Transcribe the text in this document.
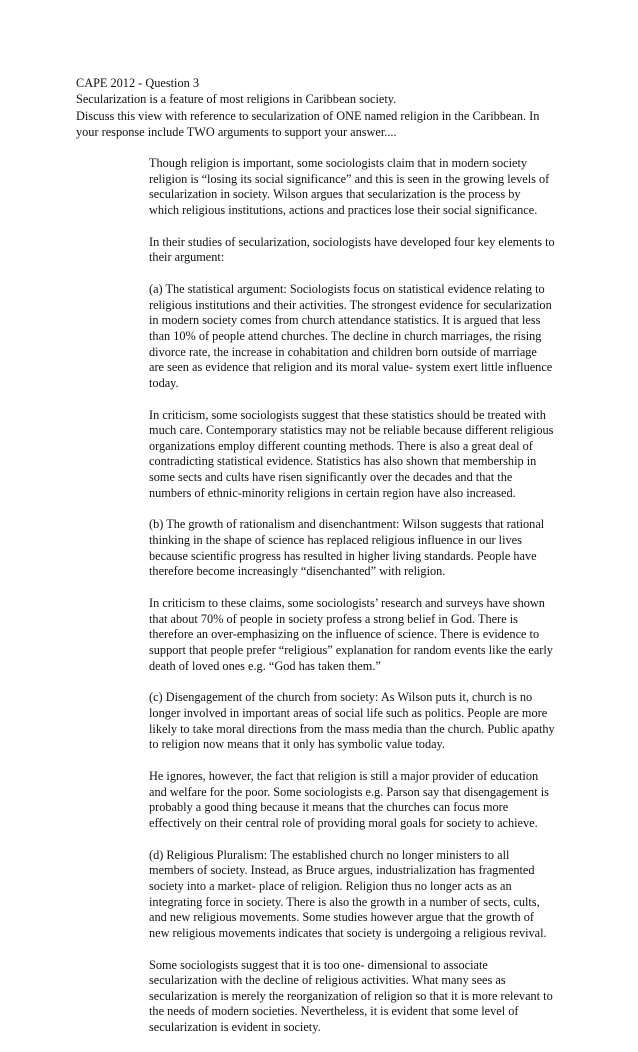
CAPE 2012 - Question 3
Secularization is a feature of most religions in Caribbean society.
Discuss this view with reference to secularization of ONE named religion in the Caribbean. In
your response include TWO arguments to support your answer....
Though religion is important, some sociologists claim that in modern society
religion is “losing its social significance” and this is seen in the growing levels of
secularization in society. Wilson argues that secularization is the process by
which religious institutions, actions and practices lose their social significance.
In their studies of secularization, sociologists have developed four key elements to
their argument:
(a) The statistical argument: Sociologists focus on statistical evidence relating to
religious institutions and their activities. The strongest evidence for secularization
in modern society comes from church attendance statistics. It is argued that less
than 10% of people attend churches. The decline in church marriages, the rising
divorce rate, the increase in cohabitation and children born outside of marriage
are seen as evidence that religion and its moral value- system exert little influence
today.
In criticism, some sociologists suggest that these statistics should be treated with
much care. Contemporary statistics may not be reliable because different religious
organizations employ different counting methods. There is also a great deal of
contradicting statistical evidence. Statistics has also shown that membership in
some sects and cults have risen significantly over the decades and that the
numbers of ethnic-minority religions in certain region have also increased.
(b) The growth of rationalism and disenchantment: Wilson suggests that rational
thinking in the shape of science has replaced religious influence in our lives
because scientific progress has resulted in higher living standards. People have
therefore become increasingly “disenchanted” with religion.
In criticism to these claims, some sociologists’ research and surveys have shown
that about 70% of people in society profess a strong belief in God. There is
therefore an over-emphasizing on the influence of science. There is evidence to
support that people prefer “religious” explanation for random events like the early
death of loved ones e.g. “God has taken them.”
(c) Disengagement of the church from society: As Wilson puts it, church is no
longer involved in important areas of social life such as politics. People are more
likely to take moral directions from the mass media than the church. Public apathy
to religion now means that it only has symbolic value today.
He ignores, however, the fact that religion is still a major provider of education
and welfare for the poor. Some sociologists e.g. Parson say that disengagement is
probably a good thing because it means that the churches can focus more
effectively on their central role of providing moral goals for society to achieve.
(d) Religious Pluralism: The established church no longer ministers to all
members of society. Instead, as Bruce argues, industrialization has fragmented
society into a market- place of religion. Religion thus no longer acts as an
integrating force in society. There is also the growth in a number of sects, cults,
and new religious movements. Some studies however argue that the growth of
new religious movements indicates that society is undergoing a religious revival.
Some sociologists suggest that it is too one- dimensional to associate
secularization with the decline of religious activities. What many sees as
secularization is merely the reorganization of religion so that it is more relevant to
the needs of modern societies. Nevertheless, it is evident that some level of
secularization is evident in society.
